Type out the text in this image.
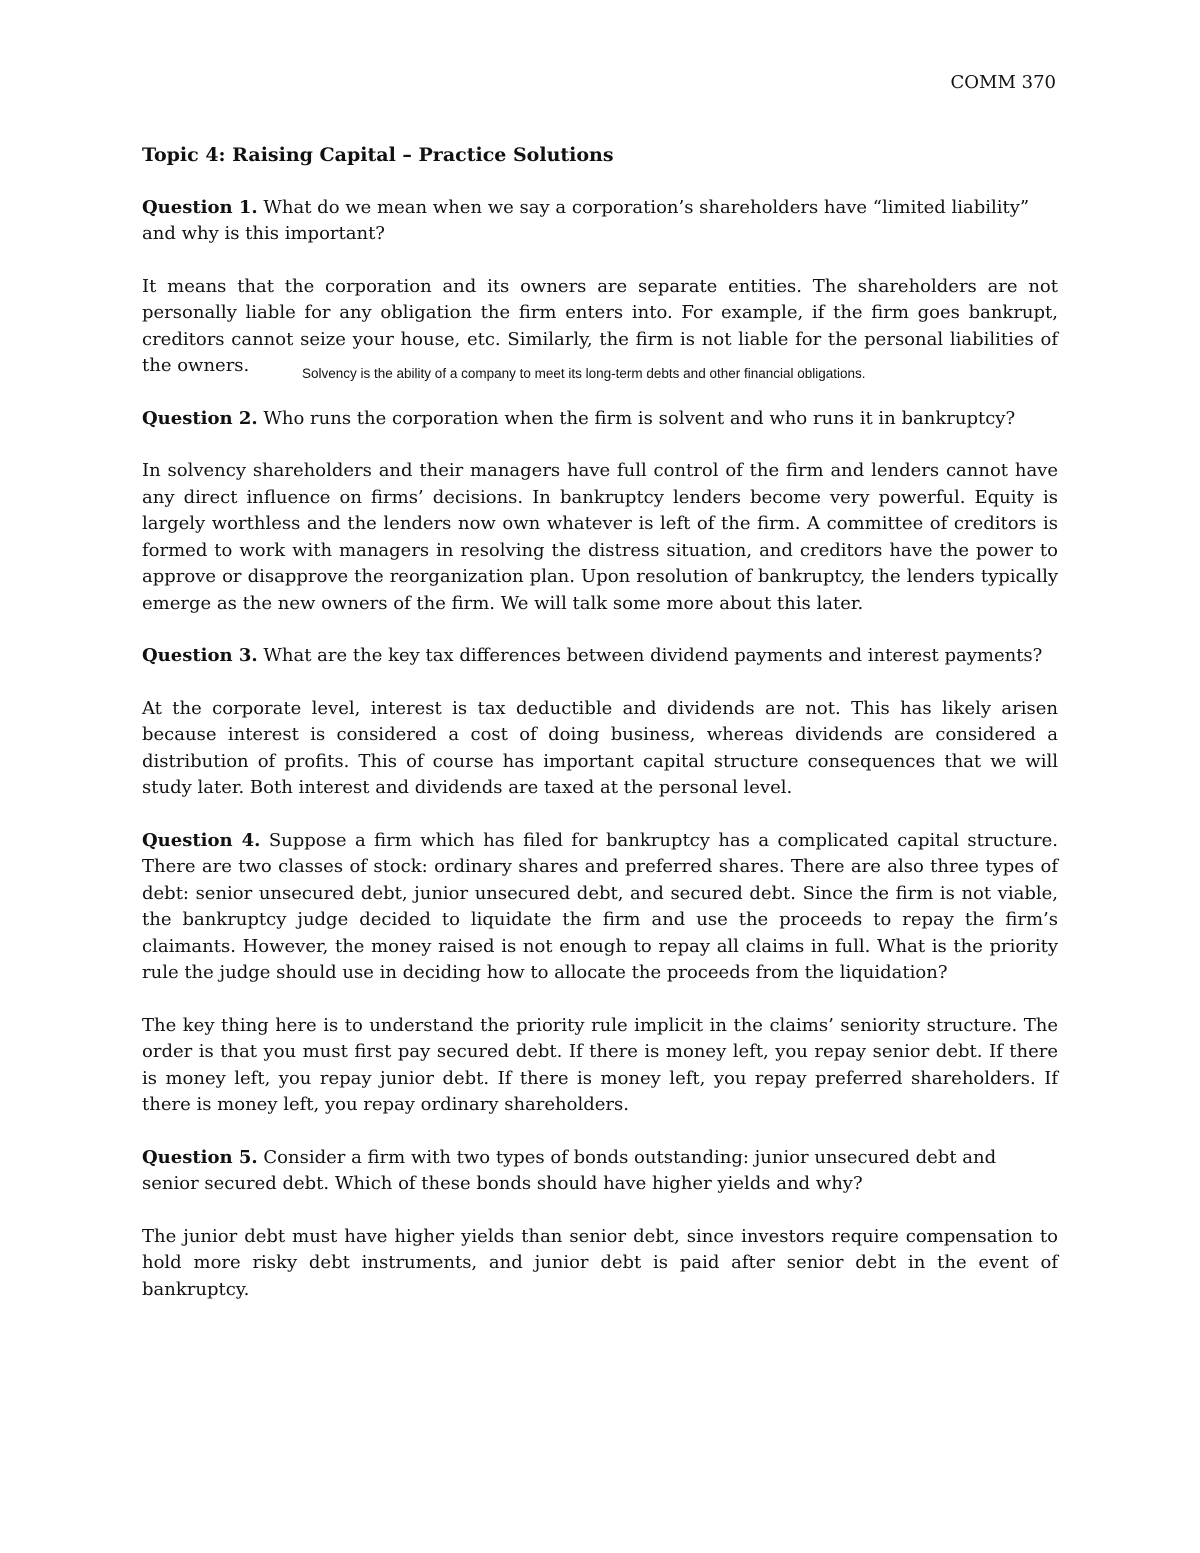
COMM 370

Topic 4: Raising Capital – Practice Solutions

Question 1. What do we mean when we say a corporation’s shareholders have “limited liability” and why is this important?

It means that the corporation and its owners are separate entities. The shareholders are not personally liable for any obligation the firm enters into. For example, if the firm goes bankrupt, creditors cannot seize your house, etc. Similarly, the firm is not liable for the personal liabilities of the owners.	Solvency is the ability of a company to meet its long-term debts and other financial obligations.

Question 2. Who runs the corporation when the firm is solvent and who runs it in bankruptcy?

In solvency shareholders and their managers have full control of the firm and lenders cannot have any direct influence on firms’ decisions. In bankruptcy lenders become very powerful. Equity is largely worthless and the lenders now own whatever is left of the firm. A committee of creditors is formed to work with managers in resolving the distress situation, and creditors have the power to approve or disapprove the reorganization plan. Upon resolution of bankruptcy, the lenders typically emerge as the new owners of the firm. We will talk some more about this later.

Question 3. What are the key tax differences between dividend payments and interest payments?

At the corporate level, interest is tax deductible and dividends are not. This has likely arisen because interest is considered a cost of doing business, whereas dividends are considered a distribution of profits. This of course has important capital structure consequences that we will study later. Both interest and dividends are taxed at the personal level.

Question 4. Suppose a firm which has filed for bankruptcy has a complicated capital structure. There are two classes of stock: ordinary shares and preferred shares. There are also three types of debt: senior unsecured debt, junior unsecured debt, and secured debt. Since the firm is not viable, the bankruptcy judge decided to liquidate the firm and use the proceeds to repay the firm’s claimants. However, the money raised is not enough to repay all claims in full. What is the priority rule the judge should use in deciding how to allocate the proceeds from the liquidation?

The key thing here is to understand the priority rule implicit in the claims’ seniority structure. The order is that you must first pay secured debt. If there is money left, you repay senior debt. If there is money left, you repay junior debt. If there is money left, you repay preferred shareholders. If there is money left, you repay ordinary shareholders.

Question 5. Consider a firm with two types of bonds outstanding: junior unsecured debt and senior secured debt. Which of these bonds should have higher yields and why?

The junior debt must have higher yields than senior debt, since investors require compensation to hold more risky debt instruments, and junior debt is paid after senior debt in the event of bankruptcy.
